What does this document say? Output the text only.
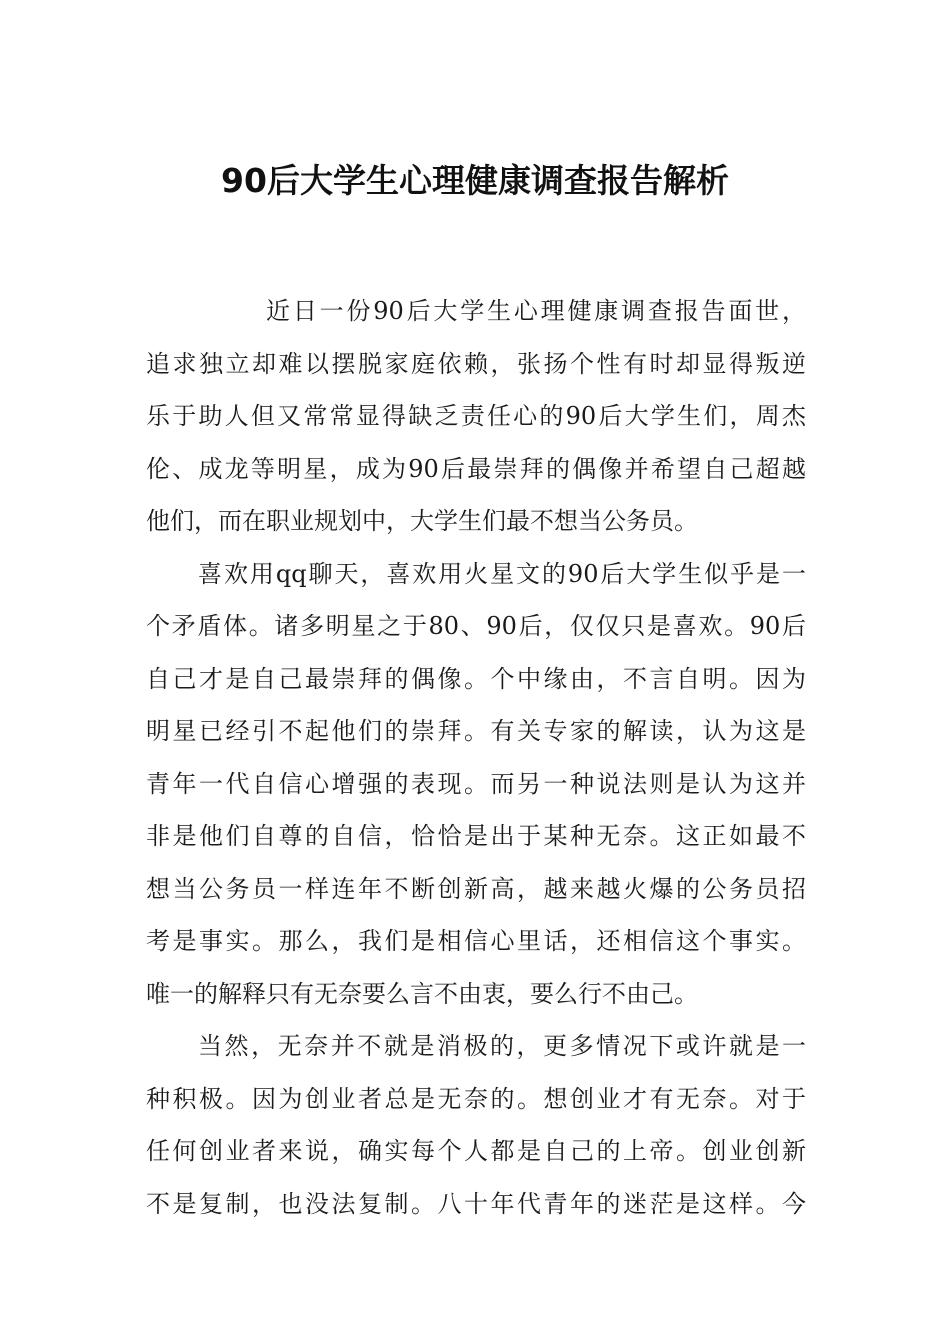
90后大学生心理健康调查报告解析
近日一份90后大学生心理健康调查报告面世，
追求独立却难以摆脱家庭依赖，张扬个性有时却显得叛逆
乐于助人但又常常显得缺乏责任心的90后大学生们，周杰
伦、成龙等明星，成为90后最崇拜的偶像并希望自己超越
他们，而在职业规划中，大学生们最不想当公务员。
喜欢用qq聊天，喜欢用火星文的90后大学生似乎是一
个矛盾体。诸多明星之于80、90后，仅仅只是喜欢。90后
自己才是自己最崇拜的偶像。个中缘由，不言自明。因为
明星已经引不起他们的崇拜。有关专家的解读，认为这是
青年一代自信心增强的表现。而另一种说法则是认为这并
非是他们自尊的自信，恰恰是出于某种无奈。这正如最不
想当公务员一样连年不断创新高，越来越火爆的公务员招
考是事实。那么，我们是相信心里话，还相信这个事实。
唯一的解释只有无奈要么言不由衷，要么行不由己。
当然，无奈并不就是消极的，更多情况下或许就是一
种积极。因为创业者总是无奈的。想创业才有无奈。对于
任何创业者来说，确实每个人都是自己的上帝。创业创新
不是复制，也没法复制。八十年代青年的迷茫是这样。今
